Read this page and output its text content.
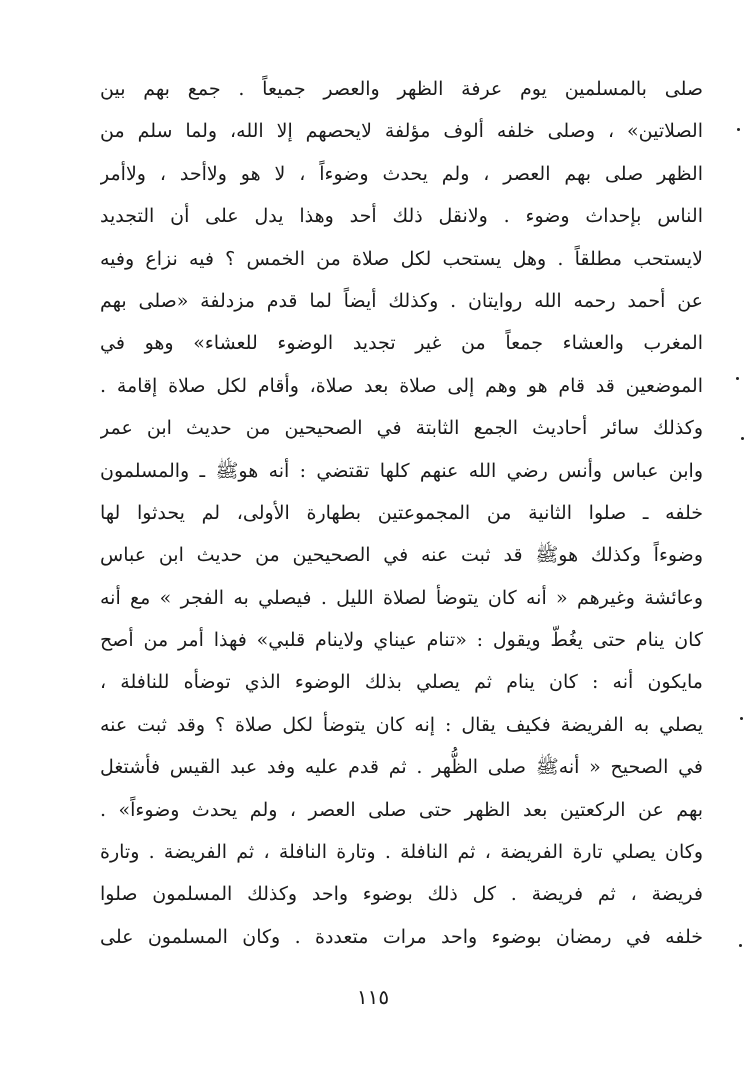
صلى بالمسلمين يوم عرفة الظهر والعصر جميعاً . جمع بهم بين
الصلاتين» ، وصلى خلفه ألوف مؤلفة لايحصهم إلا الله، ولما سلم من
الظهر صلى بهم العصر ، ولم يحدث وضوءاً ، لا هو ولاأحد ، ولاأمر
الناس بإحداث وضوء . ولانقل ذلك أحد وهذا يدل على أن التجديد
لايستحب مطلقاً . وهل يستحب لكل صلاة من الخمس ؟ فيه نزاع وفيه
عن أحمد رحمه الله روايتان . وكذلك أيضاً لما قدم مزدلفة «صلى بهم
المغرب والعشاء جمعاً من غير تجديد الوضوء للعشاء» وهو في
الموضعين قد قام هو وهم إلى صلاة بعد صلاة، وأقام لكل صلاة إقامة .
وكذلك سائر أحاديث الجمع الثابتة في الصحيحين من حديث ابن عمر
وابن عباس وأنس رضي الله عنهم كلها تقتضي : أنه هوﷺ ـ والمسلمون
خلفه ـ صلوا الثانية من المجموعتين بطهارة الأولى، لم يحدثوا لها
وضوءاً وكذلك هوﷺ قد ثبت عنه في الصحيحين من حديث ابن عباس
وعائشة وغيرهم « أنه كان يتوضأ لصلاة الليل . فيصلي به الفجر » مع أنه
كان ينام حتى يغُطّ ويقول : «تنام عيناي ولاينام قلبي» فهذا أمر من أصح
مايكون أنه : كان ينام ثم يصلي بذلك الوضوء الذي توضأه للنافلة ،
يصلي به الفريضة فكيف يقال : إنه كان يتوضأ لكل صلاة ؟ وقد ثبت عنه
في الصحيح « أنهﷺ صلى الظُّهر . ثم قدم عليه وفد عبد القيس فأشتغل
بهم عن الركعتين بعد الظهر حتى صلى العصر ، ولم يحدث وضوءاً» .
وكان يصلي تارة الفريضة ، ثم النافلة . وتارة النافلة ، ثم الفريضة . وتارة
فريضة ، ثم فريضة . كل ذلك بوضوء واحد وكذلك المسلمون صلوا
خلفه في رمضان بوضوء واحد مرات متعددة . وكان المسلمون على
١١٥
